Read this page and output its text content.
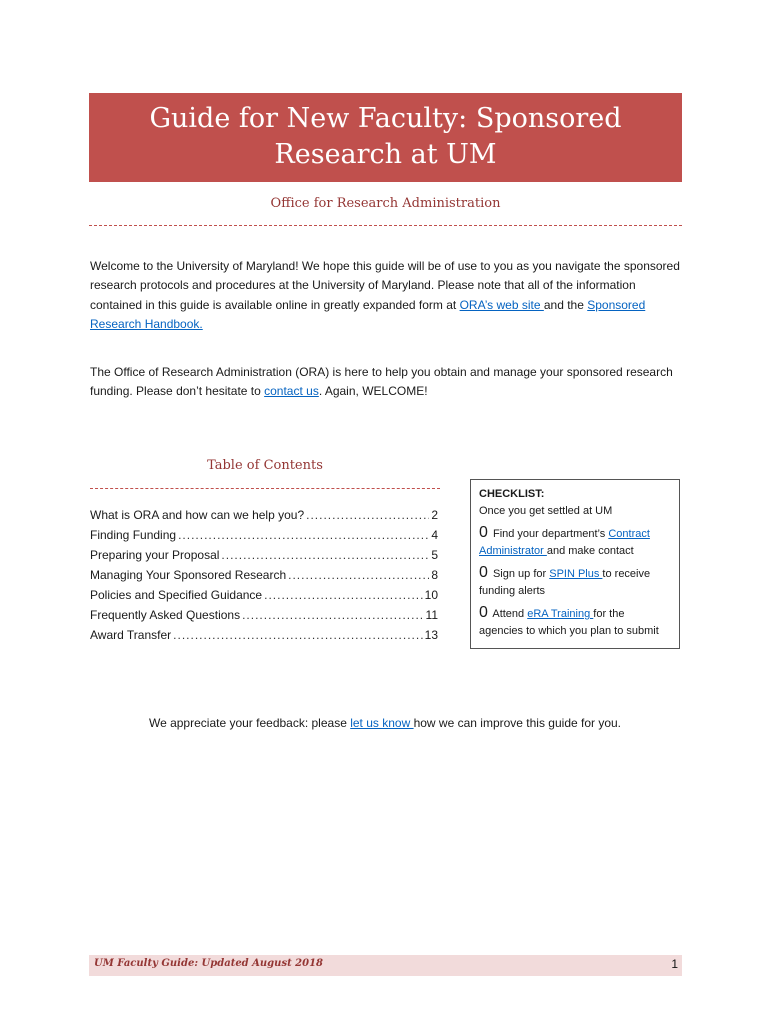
Guide for New Faculty: Sponsored
Research at UM
Office for Research Administration

Welcome to the University of Maryland! We hope this guide will be of use to you as you navigate the sponsored research protocols and procedures at the University of Maryland. Please note that all of the information contained in this guide is available online in greatly expanded form at ORA’s web site and the Sponsored Research Handbook.

The Office of Research Administration (ORA) is here to help you obtain and manage your sponsored research funding. Please don’t hesitate to contact us. Again, WELCOME!

Table of Contents
What is ORA and how can we help you? .....	2
Finding Funding .....	4
Preparing your Proposal .....	5
Managing Your Sponsored Research .....	8
Policies and Specified Guidance .....	10
Frequently Asked Questions .....	11
Award Transfer .....	13
CHECKLIST:
Once you get settled at UM
0 Find your department’s Contract Administrator and make contact
0 Sign up for SPIN Plus to receive funding alerts
0 Attend eRA Training for the agencies to which you plan to submit
We appreciate your feedback: please let us know how we can improve this guide for you.
UM Faculty Guide: Updated August 2018	1
